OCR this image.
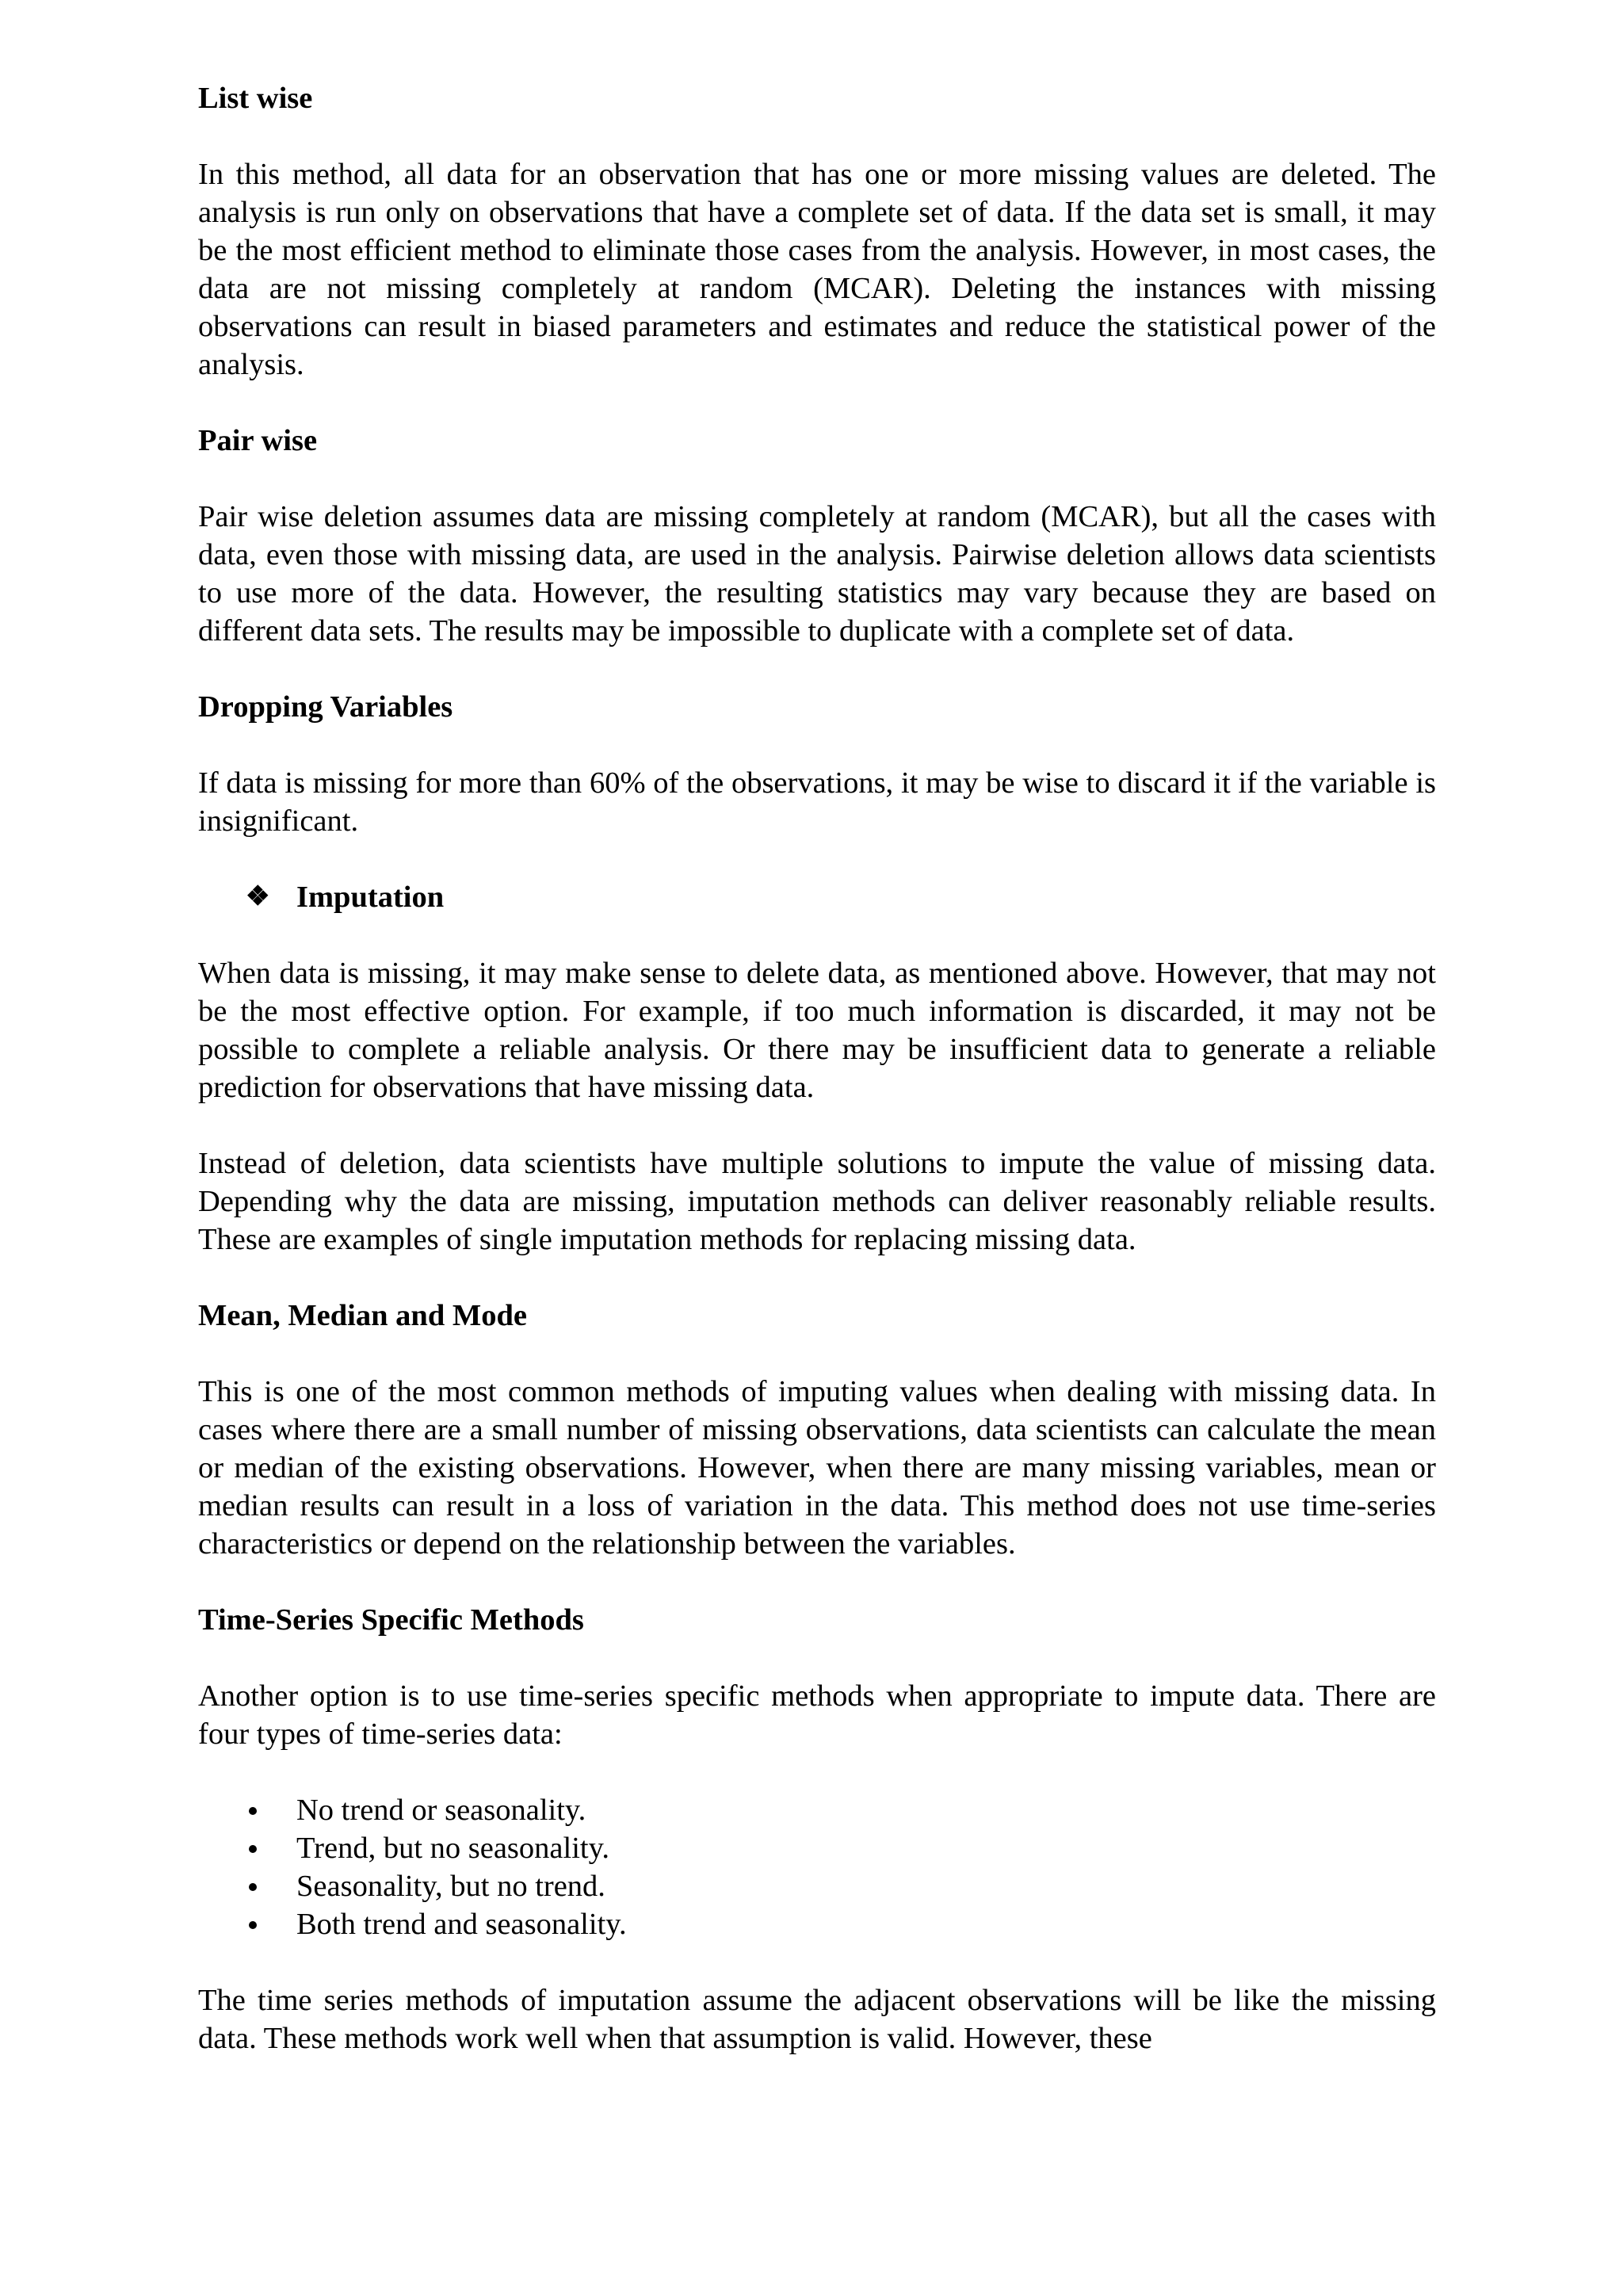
List wise

In this method, all data for an observation that has one or more missing values are deleted. The analysis is run only on observations that have a complete set of data. If the data set is small, it may be the most efficient method to eliminate those cases from the analysis. However, in most cases, the data are not missing completely at random (MCAR). Deleting the instances with missing observations can result in biased parameters and estimates and reduce the statistical power of the analysis.

Pair wise

Pair wise deletion assumes data are missing completely at random (MCAR), but all the cases with data, even those with missing data, are used in the analysis. Pairwise deletion allows data scientists to use more of the data. However, the resulting statistics may vary because they are based on different data sets. The results may be impossible to duplicate with a complete set of data.

Dropping Variables

If data is missing for more than 60% of the observations, it may be wise to discard it if the variable is insignificant.

❖ Imputation

When data is missing, it may make sense to delete data, as mentioned above. However, that may not be the most effective option. For example, if too much information is discarded, it may not be possible to complete a reliable analysis. Or there may be insufficient data to generate a reliable prediction for observations that have missing data.

Instead of deletion, data scientists have multiple solutions to impute the value of missing data. Depending why the data are missing, imputation methods can deliver reasonably reliable results. These are examples of single imputation methods for replacing missing data.

Mean, Median and Mode

This is one of the most common methods of imputing values when dealing with missing data. In cases where there are a small number of missing observations, data scientists can calculate the mean or median of the existing observations. However, when there are many missing variables, mean or median results can result in a loss of variation in the data. This method does not use time-series characteristics or depend on the relationship between the variables.

Time-Series Specific Methods

Another option is to use time-series specific methods when appropriate to impute data. There are four types of time-series data:

No trend or seasonality.
Trend, but no seasonality.
Seasonality, but no trend.
Both trend and seasonality.

The time series methods of imputation assume the adjacent observations will be like the missing data. These methods work well when that assumption is valid. However, these
